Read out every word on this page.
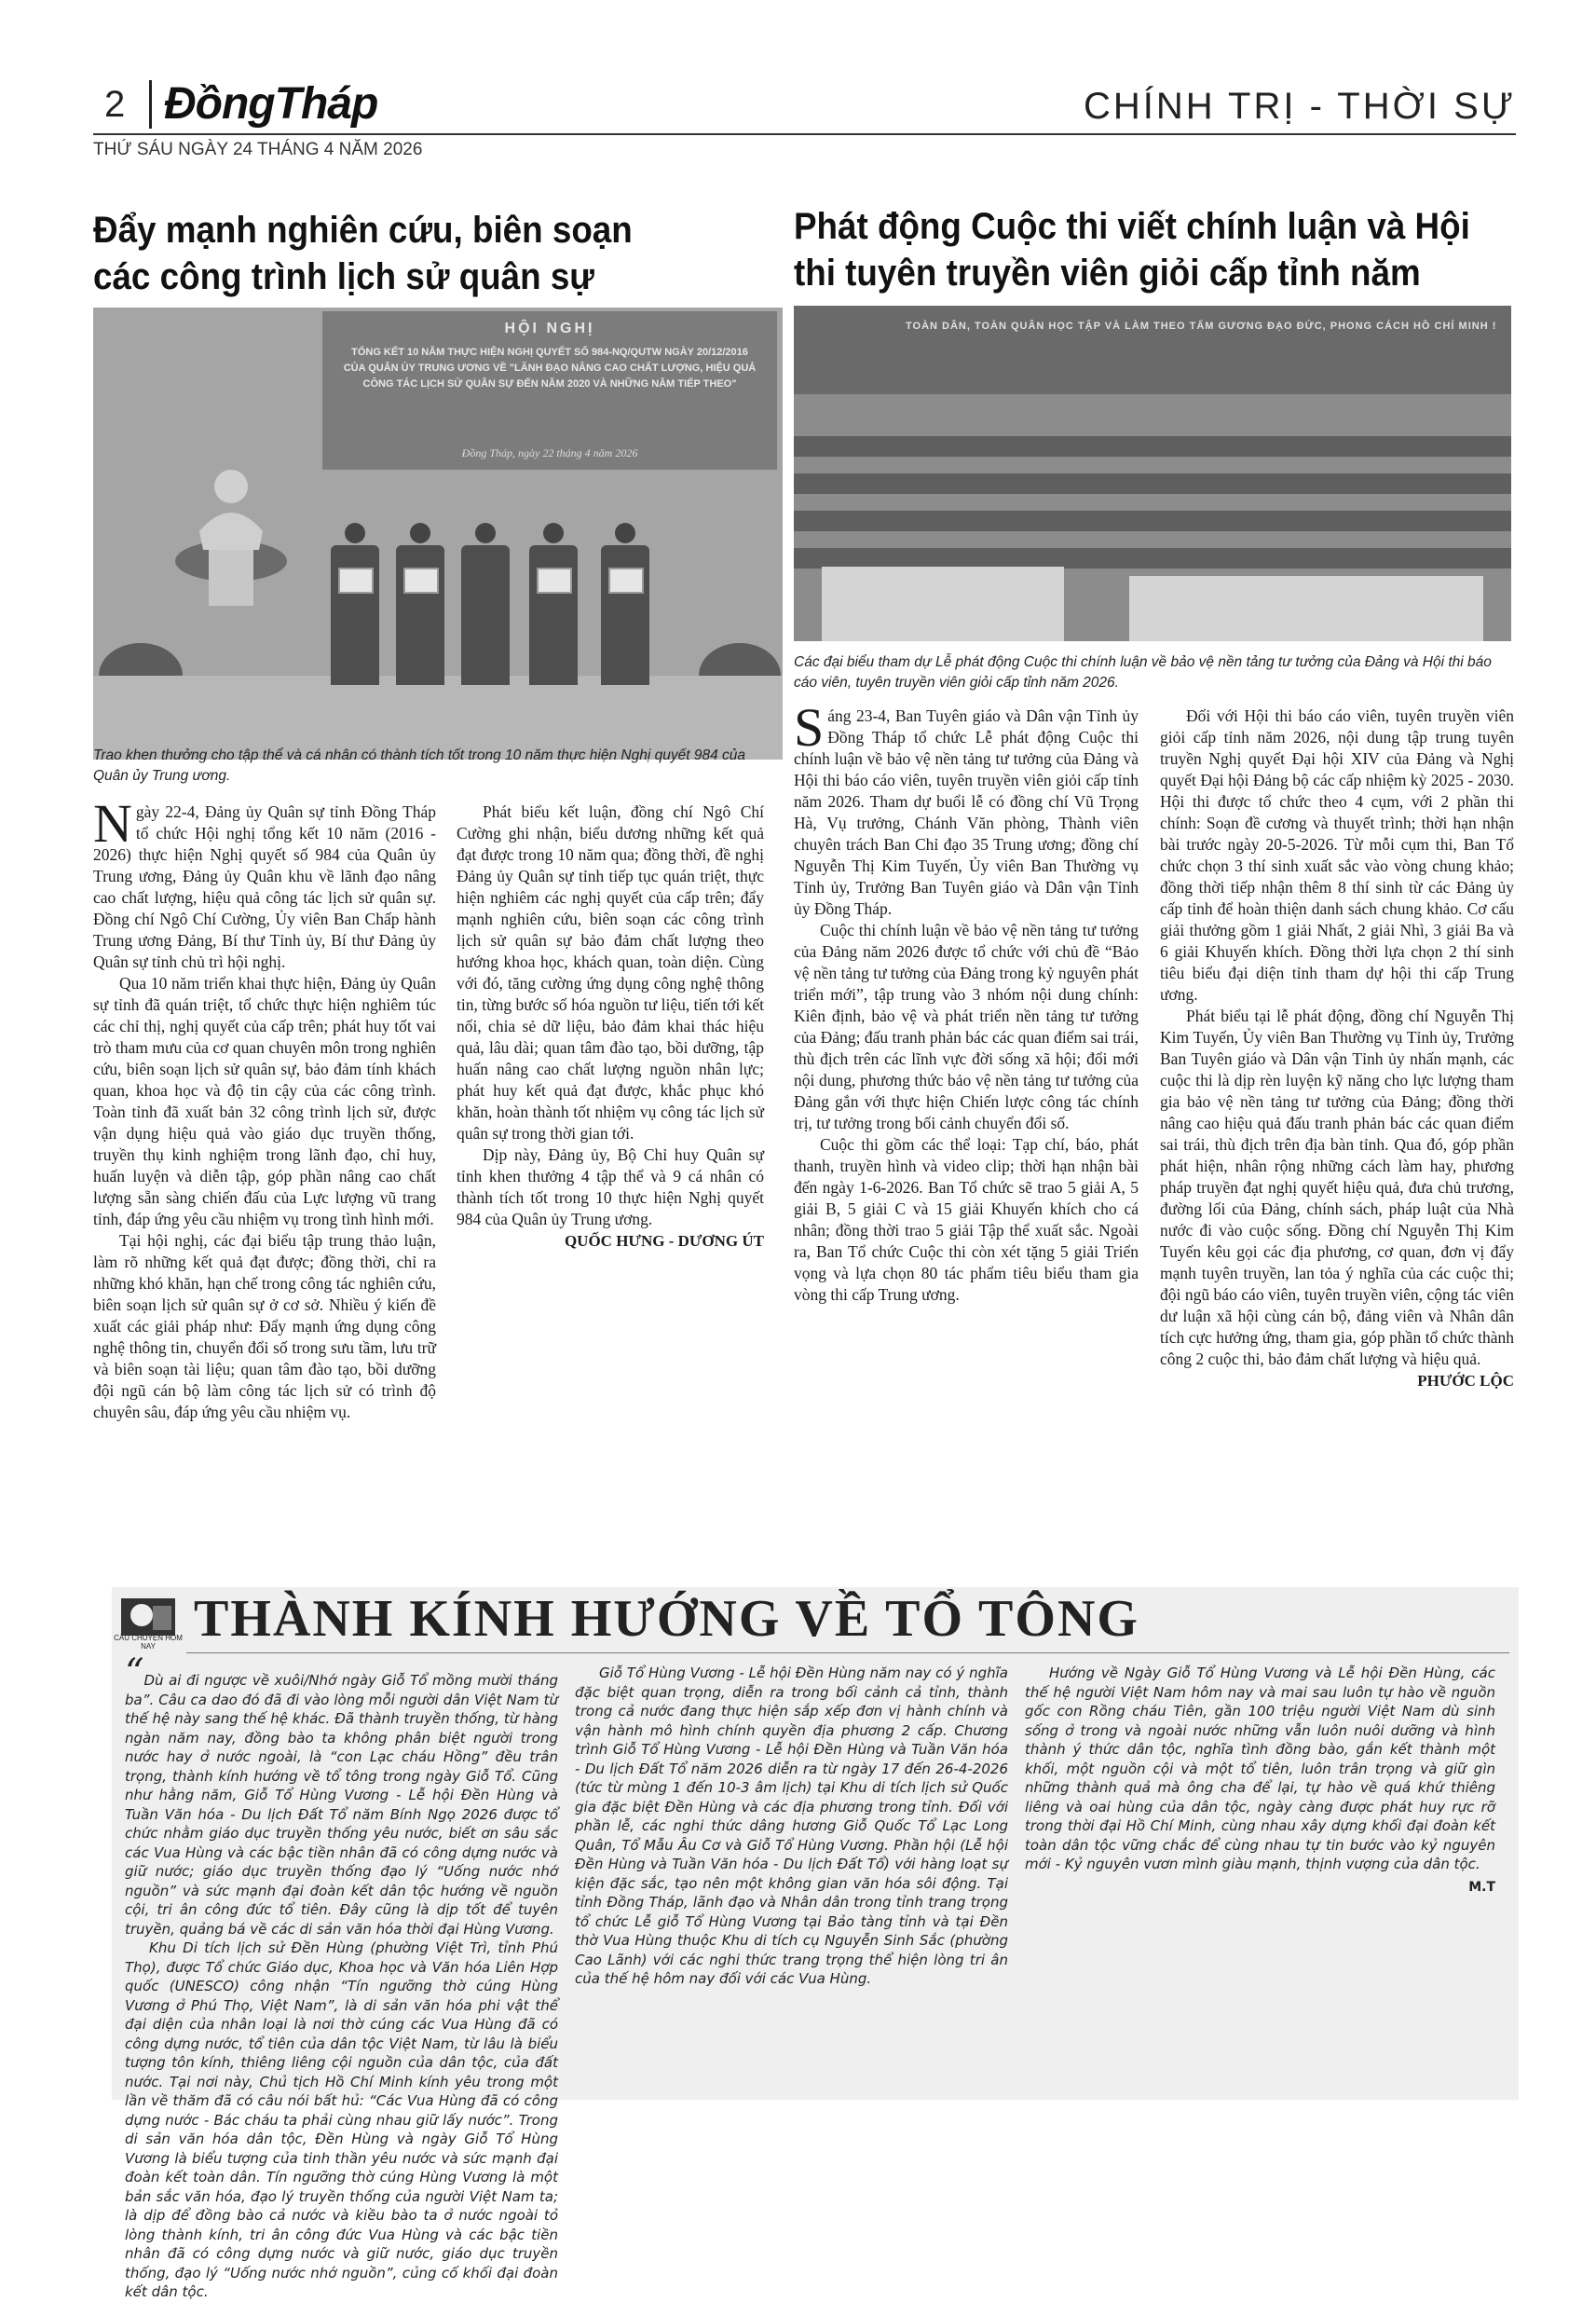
2 ĐồngTháp	CHÍNH TRỊ - THỜI SỰ
THỨ SÁU NGÀY 24 THÁNG 4 NĂM 2026
Đẩy mạnh nghiên cứu, biên soạn các công trình lịch sử quân sự
HỘI NGHỊ
TỔNG KẾT 10 NĂM THỰC HIỆN NGHỊ QUYẾT SỐ 984-NQ/QUTW NGÀY 20/12/2016 CỦA QUÂN ỦY TRUNG ƯƠNG VỀ "LÃNH ĐẠO NÂNG CAO CHẤT LƯỢNG, HIỆU QUẢ CÔNG TÁC LỊCH SỬ QUÂN SỰ ĐẾN NĂM 2020 VÀ NHỮNG NĂM TIẾP THEO"
Đồng Tháp, ngày 22 tháng 4 năm 2026
Trao khen thưởng cho tập thể và cá nhân có thành tích tốt trong 10 năm thực hiện Nghị quyết 984 của Quân ủy Trung ương.

Ngày 22-4, Đảng ủy Quân sự tỉnh Đồng Tháp tổ chức Hội nghị tổng kết 10 năm (2016 - 2026) thực hiện Nghị quyết số 984 của Quân ủy Trung ương, Đảng ủy Quân khu về lãnh đạo nâng cao chất lượng, hiệu quả công tác lịch sử quân sự. Đồng chí Ngô Chí Cường, Ủy viên Ban Chấp hành Trung ương Đảng, Bí thư Tỉnh ủy, Bí thư Đảng ủy Quân sự tỉnh chủ trì hội nghị.

Qua 10 năm triển khai thực hiện, Đảng ủy Quân sự tỉnh đã quán triệt, tổ chức thực hiện nghiêm túc các chỉ thị, nghị quyết của cấp trên; phát huy tốt vai trò tham mưu của cơ quan chuyên môn trong nghiên cứu, biên soạn lịch sử quân sự, bảo đảm tính khách quan, khoa học và độ tin cậy của các công trình. Toàn tỉnh đã xuất bản 32 công trình lịch sử, được vận dụng hiệu quả vào giáo dục truyền thống, truyền thụ kinh nghiệm trong lãnh đạo, chỉ huy, huấn luyện và diễn tập, góp phần nâng cao chất lượng sẵn sàng chiến đấu của Lực lượng vũ trang tỉnh, đáp ứng yêu cầu nhiệm vụ trong tình hình mới.

Tại hội nghị, các đại biểu tập trung thảo luận, làm rõ những kết quả đạt được; đồng thời, chỉ ra những khó khăn, hạn chế trong công tác nghiên cứu, biên soạn lịch sử quân sự ở cơ sở. Nhiều ý kiến đề xuất các giải pháp như: Đẩy mạnh ứng dụng công nghệ thông tin, chuyển đổi số trong sưu tầm, lưu trữ và biên soạn tài liệu; quan tâm đào tạo, bồi dưỡng đội ngũ cán bộ làm công tác lịch sử có trình độ chuyên sâu, đáp ứng yêu cầu nhiệm vụ.

Phát biểu kết luận, đồng chí Ngô Chí Cường ghi nhận, biểu dương những kết quả đạt được trong 10 năm qua; đồng thời, đề nghị Đảng ủy Quân sự tỉnh tiếp tục quán triệt, thực hiện nghiêm các nghị quyết của cấp trên; đẩy mạnh nghiên cứu, biên soạn các công trình lịch sử quân sự bảo đảm chất lượng theo hướng khoa học, khách quan, toàn diện. Cùng với đó, tăng cường ứng dụng công nghệ thông tin, từng bước số hóa nguồn tư liệu, tiến tới kết nối, chia sẻ dữ liệu, bảo đảm khai thác hiệu quả, lâu dài; quan tâm đào tạo, bồi dưỡng, tập huấn nâng cao chất lượng nguồn nhân lực; phát huy kết quả đạt được, khắc phục khó khăn, hoàn thành tốt nhiệm vụ công tác lịch sử quân sự trong thời gian tới.

Dịp này, Đảng ủy, Bộ Chỉ huy Quân sự tỉnh khen thưởng 4 tập thể và 9 cá nhân có thành tích tốt trong 10 thực hiện Nghị quyết 984 của Quân ủy Trung ương.

QUỐC HƯNG - DƯƠNG ÚT

Phát động Cuộc thi viết chính luận và Hội thi tuyên truyền viên giỏi cấp tỉnh năm
TOÀN DÂN, TOÀN QUÂN HỌC TẬP VÀ LÀM THEO TẤM GƯƠNG ĐẠO ĐỨC, PHONG CÁCH HỒ CHÍ MINH !
Các đại biểu tham dự Lễ phát động Cuộc thi chính luận về bảo vệ nền tảng tư tưởng của Đảng và Hội thi báo cáo viên, tuyên truyền viên giỏi cấp tỉnh năm 2026.

Sáng 23-4, Ban Tuyên giáo và Dân vận Tỉnh ủy Đồng Tháp tổ chức Lễ phát động Cuộc thi chính luận về bảo vệ nền tảng tư tưởng của Đảng và Hội thi báo cáo viên, tuyên truyền viên giỏi cấp tỉnh năm 2026. Tham dự buổi lễ có đồng chí Vũ Trọng Hà, Vụ trưởng, Chánh Văn phòng, Thành viên chuyên trách Ban Chỉ đạo 35 Trung ương; đồng chí Nguyễn Thị Kim Tuyến, Ủy viên Ban Thường vụ Tỉnh ủy, Trưởng Ban Tuyên giáo và Dân vận Tỉnh ủy Đồng Tháp.

Cuộc thi chính luận về bảo vệ nền tảng tư tưởng của Đảng năm 2026 được tổ chức với chủ đề “Bảo vệ nền tảng tư tưởng của Đảng trong kỷ nguyên phát triển mới”, tập trung vào 3 nhóm nội dung chính: Kiên định, bảo vệ và phát triển nền tảng tư tưởng của Đảng; đấu tranh phản bác các quan điểm sai trái, thù địch trên các lĩnh vực đời sống xã hội; đổi mới nội dung, phương thức bảo vệ nền tảng tư tưởng của Đảng gắn với thực hiện Chiến lược công tác chính trị, tư tưởng trong bối cảnh chuyển đổi số.

Cuộc thi gồm các thể loại: Tạp chí, báo, phát thanh, truyền hình và video clip; thời hạn nhận bài đến ngày 1-6-2026. Ban Tổ chức sẽ trao 5 giải A, 5 giải B, 5 giải C và 15 giải Khuyến khích cho cá nhân; đồng thời trao 5 giải Tập thể xuất sắc. Ngoài ra, Ban Tổ chức Cuộc thi còn xét tặng 5 giải Triển vọng và lựa chọn 80 tác phẩm tiêu biểu tham gia vòng thi cấp Trung ương.

Đối với Hội thi báo cáo viên, tuyên truyền viên giỏi cấp tỉnh năm 2026, nội dung tập trung tuyên truyền Nghị quyết Đại hội XIV của Đảng và Nghị quyết Đại hội Đảng bộ các cấp nhiệm kỳ 2025 - 2030. Hội thi được tổ chức theo 4 cụm, với 2 phần thi chính: Soạn đề cương và thuyết trình; thời hạn nhận bài trước ngày 20-5-2026. Từ mỗi cụm thi, Ban Tổ chức chọn 3 thí sinh xuất sắc vào vòng chung khảo; đồng thời tiếp nhận thêm 8 thí sinh từ các Đảng ủy cấp tỉnh để hoàn thiện danh sách chung khảo. Cơ cấu giải thưởng gồm 1 giải Nhất, 2 giải Nhì, 3 giải Ba và 6 giải Khuyến khích. Đồng thời lựa chọn 2 thí sinh tiêu biểu đại diện tỉnh tham dự hội thi cấp Trung ương.

Phát biểu tại lễ phát động, đồng chí Nguyễn Thị Kim Tuyến, Ủy viên Ban Thường vụ Tỉnh ủy, Trưởng Ban Tuyên giáo và Dân vận Tỉnh ủy nhấn mạnh, các cuộc thi là dịp rèn luyện kỹ năng cho lực lượng tham gia bảo vệ nền tảng tư tưởng của Đảng; đồng thời nâng cao hiệu quả đấu tranh phản bác các quan điểm sai trái, thù địch trên địa bàn tỉnh. Qua đó, góp phần phát hiện, nhân rộng những cách làm hay, phương pháp truyền đạt nghị quyết hiệu quả, đưa chủ trương, đường lối của Đảng, chính sách, pháp luật của Nhà nước đi vào cuộc sống. Đồng chí Nguyễn Thị Kim Tuyến kêu gọi các địa phương, cơ quan, đơn vị đẩy mạnh tuyên truyền, lan tỏa ý nghĩa của các cuộc thi; đội ngũ báo cáo viên, tuyên truyền viên, cộng tác viên dư luận xã hội cùng cán bộ, đảng viên và Nhân dân tích cực hưởng ứng, tham gia, góp phần tổ chức thành công 2 cuộc thi, bảo đảm chất lượng và hiệu quả.

PHƯỚC LỘC

CÂU CHUYỆN HÔM NAY THÀNH KÍNH HƯỚNG VỀ TỔ TÔNG

“Dù ai đi ngược về xuôi/Nhớ ngày Giỗ Tổ mồng mười tháng ba”. Câu ca dao đó đã đi vào lòng mỗi người dân Việt Nam từ thế hệ này sang thế hệ khác. Đã thành truyền thống, từ hàng ngàn năm nay, đồng bào ta không phân biệt người trong nước hay ở nước ngoài, là “con Lạc cháu Hồng” đều trân trọng, thành kính hướng về tổ tông trong ngày Giỗ Tổ. Cũng như hằng năm, Giỗ Tổ Hùng Vương - Lễ hội Đền Hùng và Tuần Văn hóa - Du lịch Đất Tổ năm Bính Ngọ 2026 được tổ chức nhằm giáo dục truyền thống yêu nước, biết ơn sâu sắc các Vua Hùng và các bậc tiền nhân đã có công dựng nước và giữ nước; giáo dục truyền thống đạo lý “Uống nước nhớ nguồn” và sức mạnh đại đoàn kết dân tộc hướng về nguồn cội, tri ân công đức tổ tiên. Đây cũng là dịp tốt để tuyên truyền, quảng bá về các di sản văn hóa thời đại Hùng Vương.

Khu Di tích lịch sử Đền Hùng (phường Việt Trì, tỉnh Phú Thọ), được Tổ chức Giáo dục, Khoa học và Văn hóa Liên Hợp quốc (UNESCO) công nhận “Tín ngưỡng thờ cúng Hùng Vương ở Phú Thọ, Việt Nam”, là di sản văn hóa phi vật thể đại diện của nhân loại là nơi thờ cúng các Vua Hùng đã có công dựng nước, tổ tiên của dân tộc Việt Nam, từ lâu là biểu tượng tôn kính, thiêng liêng cội nguồn của dân tộc, của đất nước. Tại nơi này, Chủ tịch Hồ Chí Minh kính yêu trong một lần về thăm đã có câu nói bất hủ: “Các Vua Hùng đã có công dựng nước - Bác cháu ta phải cùng nhau giữ lấy nước”. Trong di sản văn hóa dân tộc, Đền Hùng và ngày Giỗ Tổ Hùng Vương là biểu tượng của tinh thần yêu nước và sức mạnh đại đoàn kết toàn dân. Tín ngưỡng thờ cúng Hùng Vương là một bản sắc văn hóa, đạo lý truyền thống của người Việt Nam ta; là dịp để đồng bào cả nước và kiều bào ta ở nước ngoài tỏ lòng thành kính, tri ân công đức Vua Hùng và các bậc tiền nhân đã có công dựng nước và giữ nước, giáo dục truyền thống, đạo lý “Uống nước nhớ nguồn”, củng cố khối đại đoàn kết dân tộc.

Giỗ Tổ Hùng Vương - Lễ hội Đền Hùng năm nay có ý nghĩa đặc biệt quan trọng, diễn ra trong bối cảnh cả tỉnh, thành trong cả nước đang thực hiện sắp xếp đơn vị hành chính và vận hành mô hình chính quyền địa phương 2 cấp. Chương trình Giỗ Tổ Hùng Vương - Lễ hội Đền Hùng và Tuần Văn hóa - Du lịch Đất Tổ năm 2026 diễn ra từ ngày 17 đến 26-4-2026 (tức từ mùng 1 đến 10-3 âm lịch) tại Khu di tích lịch sử Quốc gia đặc biệt Đền Hùng và các địa phương trong tỉnh. Đối với phần lễ, các nghi thức dâng hương Giỗ Quốc Tổ Lạc Long Quân, Tổ Mẫu Âu Cơ và Giỗ Tổ Hùng Vương. Phần hội (Lễ hội Đền Hùng và Tuần Văn hóa - Du lịch Đất Tổ) với hàng loạt sự kiện đặc sắc, tạo nên một không gian văn hóa sôi động. Tại tỉnh Đồng Tháp, lãnh đạo và Nhân dân trong tỉnh trang trọng tổ chức Lễ giỗ Tổ Hùng Vương tại Bảo tàng tỉnh và tại Đền thờ Vua Hùng thuộc Khu di tích cụ Nguyễn Sinh Sắc (phường Cao Lãnh) với các nghi thức trang trọng thể hiện lòng tri ân của thế hệ hôm nay đối với các Vua Hùng.

Hướng về Ngày Giỗ Tổ Hùng Vương và Lễ hội Đền Hùng, các thế hệ người Việt Nam hôm nay và mai sau luôn tự hào về nguồn gốc con Rồng cháu Tiên, gần 100 triệu người Việt Nam dù sinh sống ở trong và ngoài nước những vẫn luôn nuôi dưỡng và hình thành ý thức dân tộc, nghĩa tình đồng bào, gắn kết thành một khối, một nguồn cội và một tổ tiên, luôn trân trọng và giữ gìn những thành quả mà ông cha để lại, tự hào về quá khứ thiêng liêng và oai hùng của dân tộc, ngày càng được phát huy rực rỡ trong thời đại Hồ Chí Minh, cùng nhau xây dựng khối đại đoàn kết toàn dân tộc vững chắc để cùng nhau tự tin bước vào kỷ nguyên mới - Kỷ nguyên vươn mình giàu mạnh, thịnh vượng của dân tộc.

M.T
